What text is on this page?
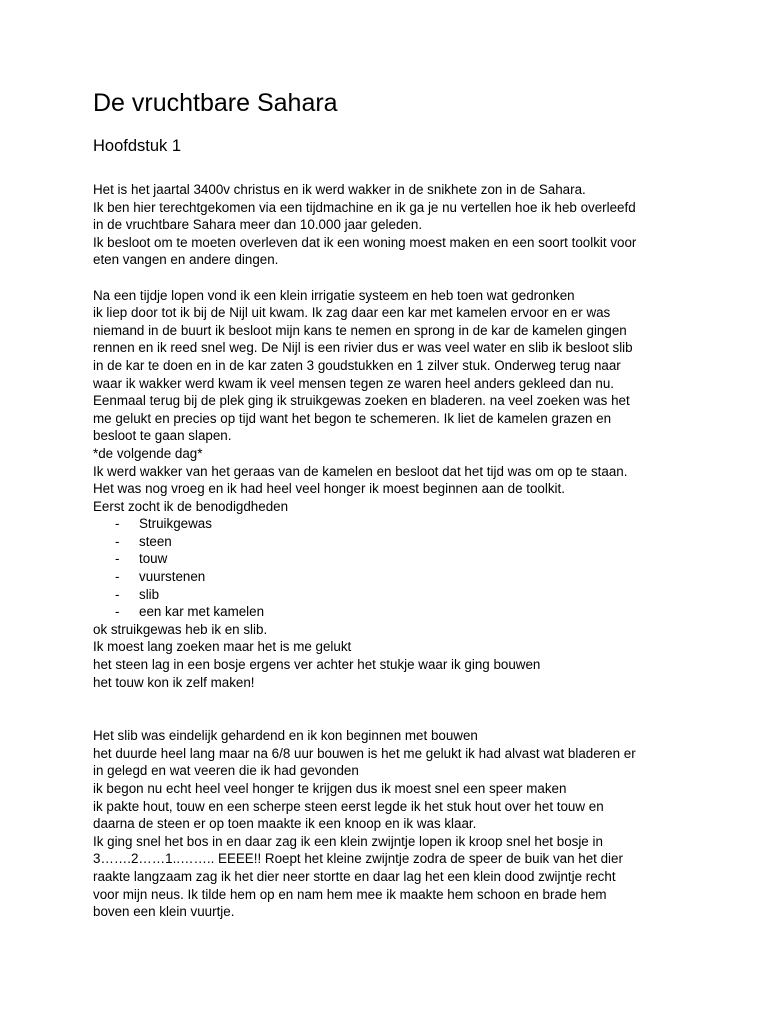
De vruchtbare Sahara
Hoofdstuk 1

Het is het jaartal 3400v christus en ik werd wakker in de snikhete zon in de Sahara.

Ik ben hier terechtgekomen via een tijdmachine en ik ga je nu vertellen hoe ik heb overleefd

in de vruchtbare Sahara meer dan 10.000 jaar geleden.

Ik besloot om te moeten overleven dat ik een woning moest maken en een soort toolkit voor

eten vangen en andere dingen.

Na een tijdje lopen vond ik een klein irrigatie systeem en heb toen wat gedronken

ik liep door tot ik bij de Nijl uit kwam. Ik zag daar een kar met kamelen ervoor en er was

niemand in de buurt ik besloot mijn kans te nemen en sprong in de kar de kamelen gingen

rennen en ik reed snel weg. De Nijl is een rivier dus er was veel water en slib ik besloot slib

in de kar te doen en in de kar zaten 3 goudstukken en 1 zilver stuk. Onderweg terug naar

waar ik wakker werd kwam ik veel mensen tegen ze waren heel anders gekleed dan nu.

Eenmaal terug bij de plek ging ik struikgewas zoeken en bladeren. na veel zoeken was het

me gelukt en precies op tijd want het begon te schemeren. Ik liet de kamelen grazen en

besloot te gaan slapen.

*de volgende dag*

Ik werd wakker van het geraas van de kamelen en besloot dat het tijd was om op te staan.

Het was nog vroeg en ik had heel veel honger ik moest beginnen aan de toolkit.

Eerst zocht ik de benodigdheden

- Struikgewas
- steen
- touw
- vuurstenen
- slib
- een kar met kamelen

ok struikgewas heb ik en slib.

Ik moest lang zoeken maar het is me gelukt

het steen lag in een bosje ergens ver achter het stukje waar ik ging bouwen

het touw kon ik zelf maken!

Het slib was eindelijk gehardend en ik kon beginnen met bouwen

het duurde heel lang maar na 6/8 uur bouwen is het me gelukt ik had alvast wat bladeren er

in gelegd en wat veeren die ik had gevonden

ik begon nu echt heel veel honger te krijgen dus ik moest snel een speer maken

ik pakte hout, touw en een scherpe steen eerst legde ik het stuk hout over het touw en

daarna de steen er op toen maakte ik een knoop en ik was klaar.

Ik ging snel het bos in en daar zag ik een klein zwijntje lopen ik kroop snel het bosje in

3…….2……1..…….. EEEE!! Roept het kleine zwijntje zodra de speer de buik van het dier

raakte langzaam zag ik het dier neer stortte en daar lag het een klein dood zwijntje recht

voor mijn neus. Ik tilde hem op en nam hem mee ik maakte hem schoon en brade hem

boven een klein vuurtje.
